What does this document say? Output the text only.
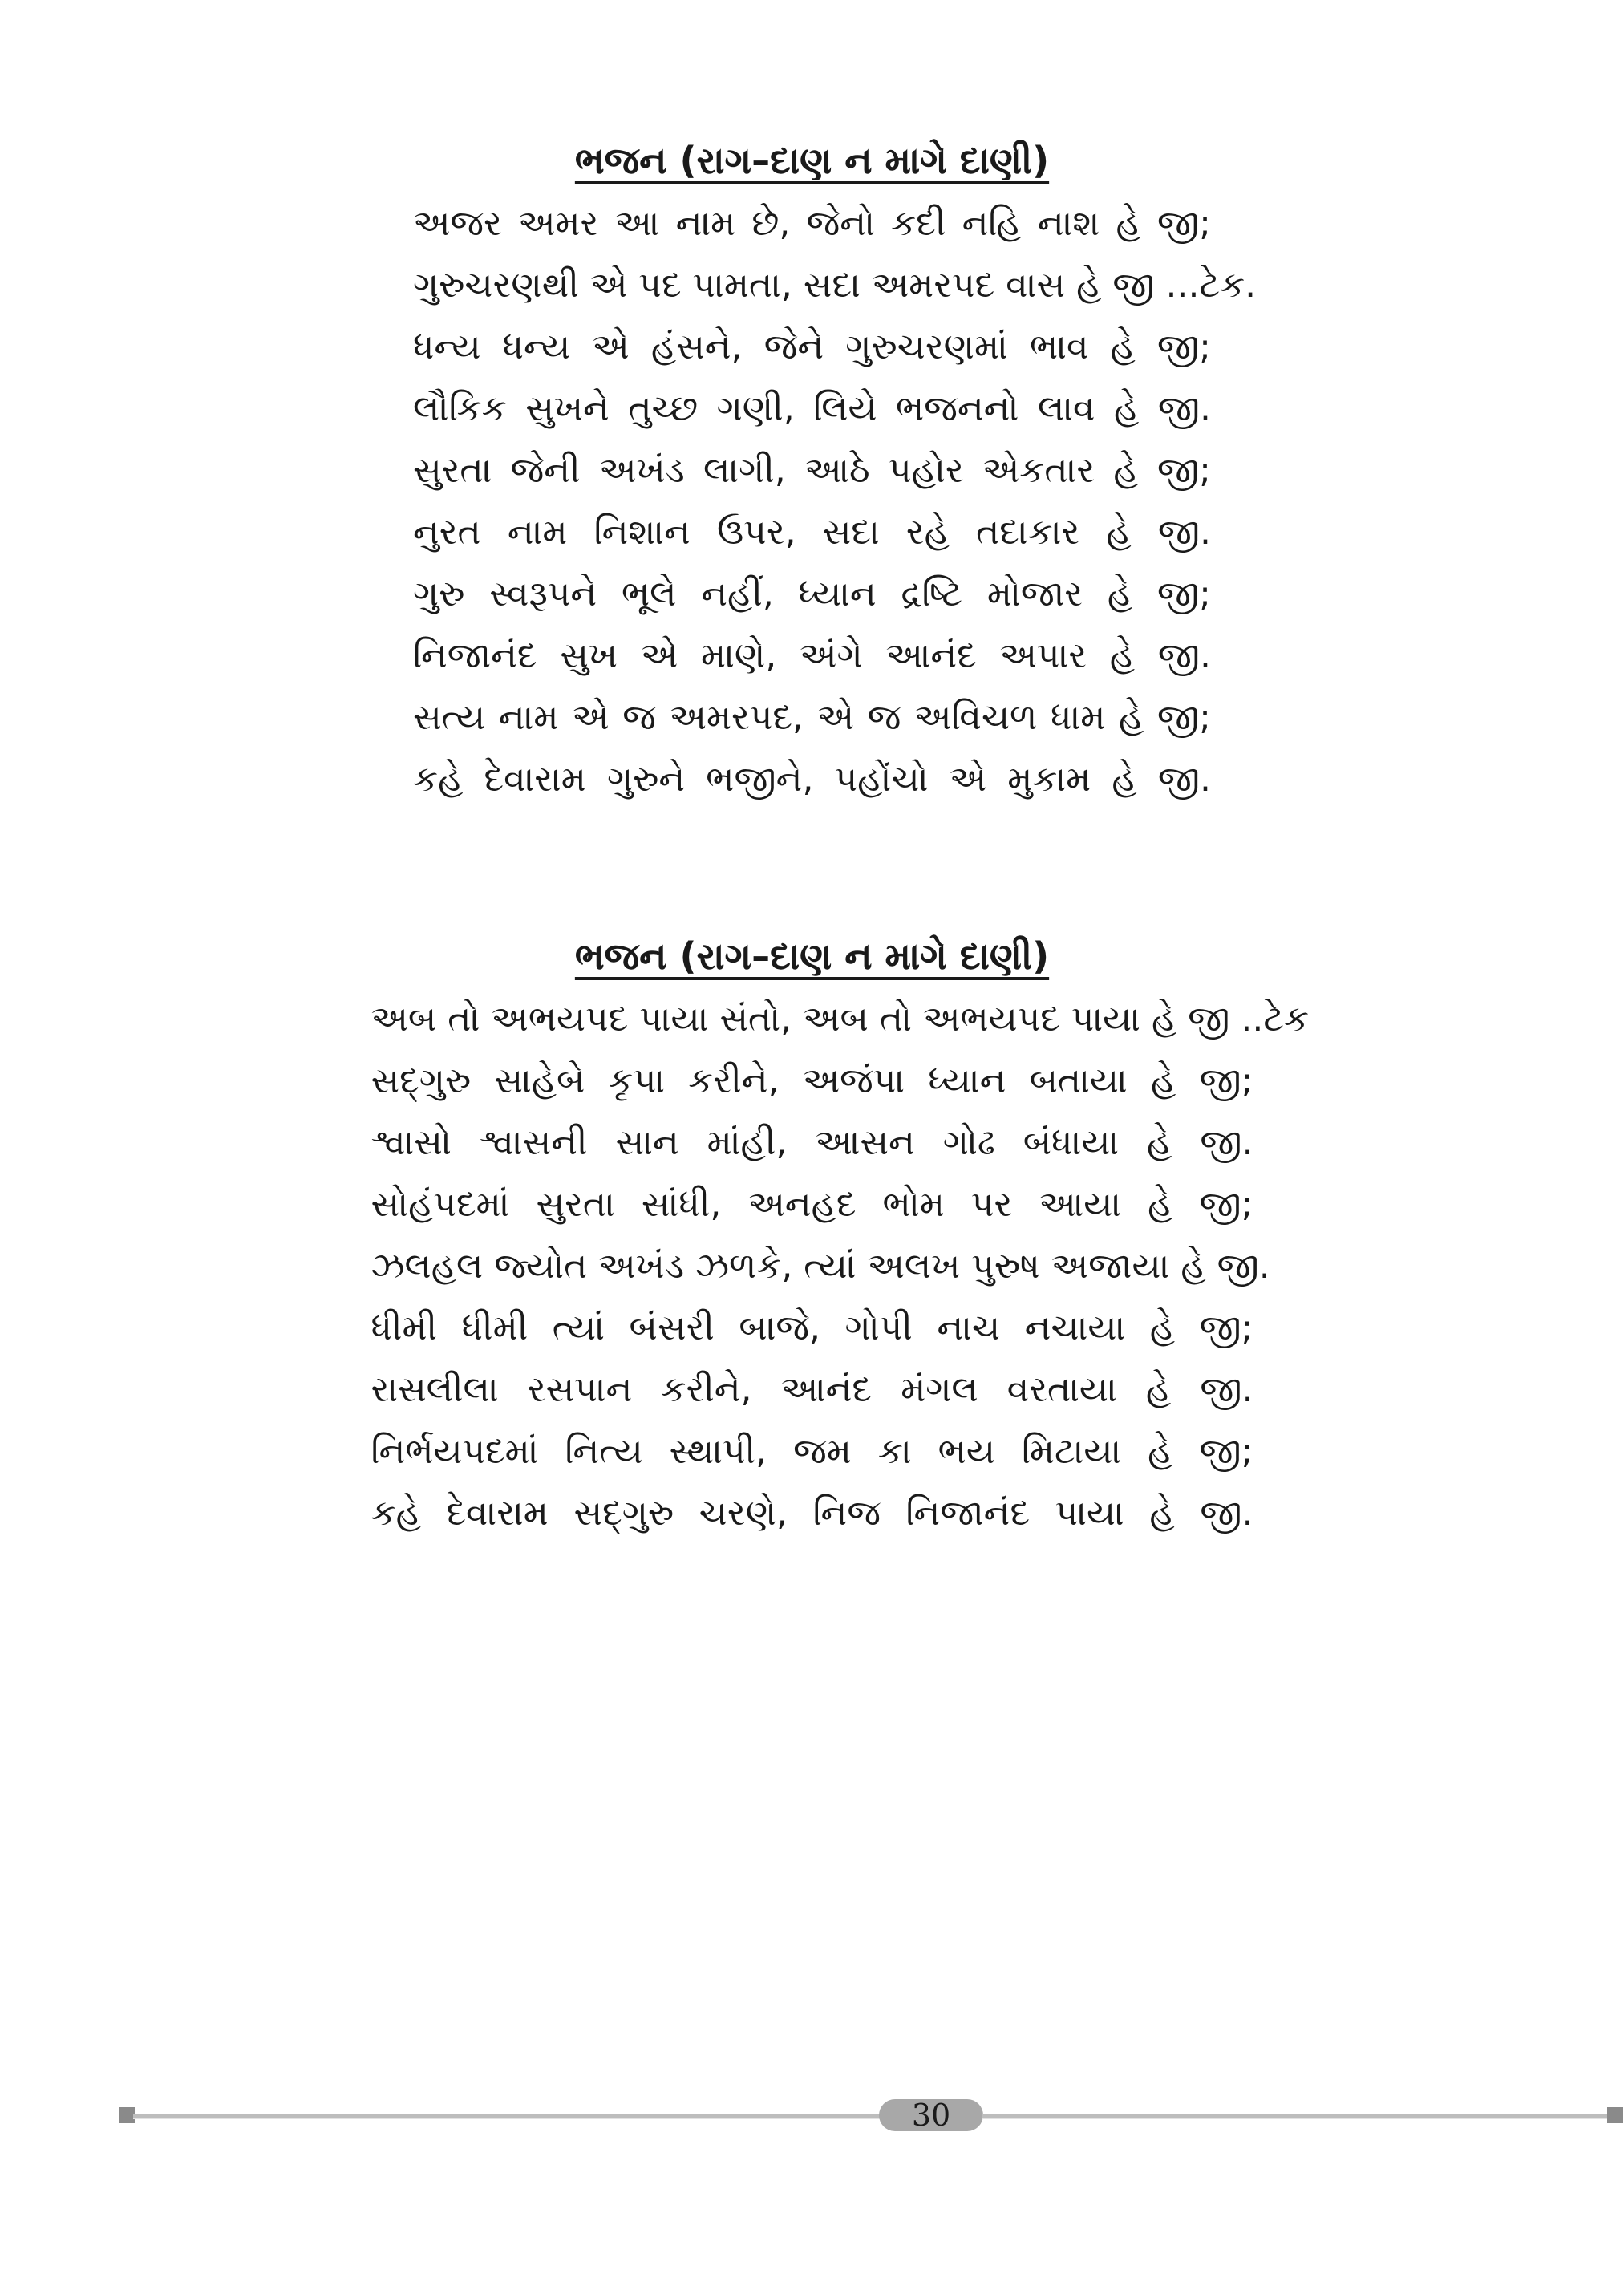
ભજન (રાગ–દાણ ન માગે દાણી)
અજર અમર આ નામ છે, જેનો કદી નહિ નાશ હે જી;
ગુરુચરણથી એ પદ પામતા, સદા અમરપદ વાસ હે જી ...ટેક.
ધન્ય ધન્ય એ હંસને, જેને ગુરુચરણમાં ભાવ હે જી;
લૌકિક સુખને તુચ્છ ગણી, લિયે ભજનનો લાવ હે જી.
સુરતા જેની અખંડ લાગી, આઠે પહોર એકતાર હે જી;
નુરત નામ નિશાન ઉપર, સદા રહે તદાકાર હે જી.
ગુરુ સ્વરૂપને ભૂલે નહીં, ધ્યાન દ્રષ્ટિ મોજાર હે જી;
નિજાનંદ સુખ એ માણે, અંગે આનંદ અપાર હે જી.
સત્ય નામ એ જ અમરપદ, એ જ અવિચળ ધામ હે જી;
કહે દેવારામ ગુરુને ભજીને, પહોંચો એ મુકામ હે જી.
ભજન (રાગ–દાણ ન માગે દાણી)
અબ તો અભયપદ પાયા સંતો, અબ તો અભયપદ પાયા હે જી ..ટેક
સદ્‌ગુરુ સાહેબે કૃપા કરીને, અજંપા ધ્યાન બતાયા હે જી;
શ્વાસો શ્વાસની સાન માંહી, આસન ગોઢ બંધાયા હે જી.
સોહંપદમાં સુરતા સાંધી, અનહદ ભોમ પર આયા હે જી;
ઝલહલ જ્યોત અખંડ ઝળકે, ત્યાં અલખ પુરુષ અજાયા હે જી.
ધીમી ધીમી ત્યાં બંસરી બાજે, ગોપી નાચ નચાયા હે જી;
રાસલીલા રસપાન કરીને, આનંદ મંગલ વરતાયા હે જી.
નિર્ભયપદમાં નિત્ય સ્થાપી, જમ કા ભય મિટાયા હે જી;
કહે દેવારામ સદ્‌ગુરુ ચરણે, નિજ નિજાનંદ પાયા હે જી.
30
